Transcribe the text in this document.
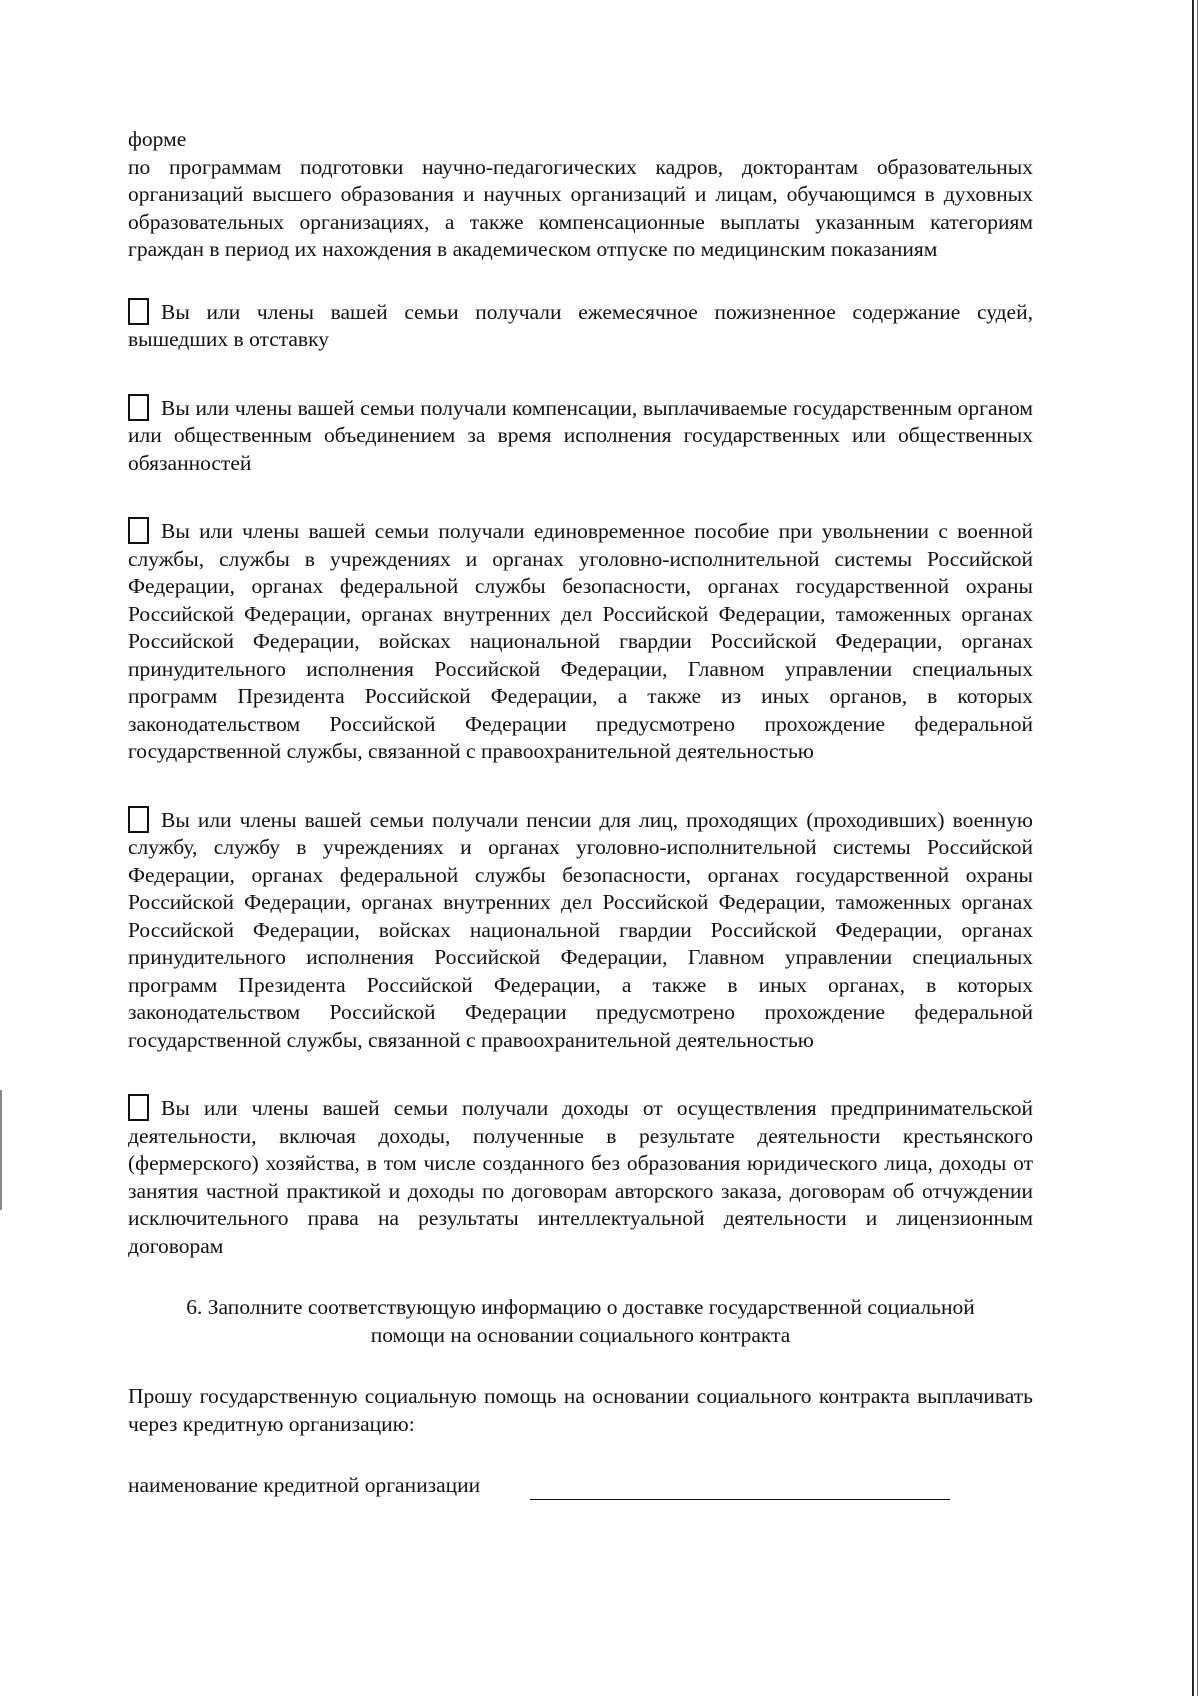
форме

по программам подготовки научно-педагогических кадров, докторантам образовательных организаций высшего образования и научных организаций и лицам, обучающимся в духовных образовательных организациях, а также компенсационные выплаты указанным категориям граждан в период их нахождения в академическом отпуске по медицинским показаниям

Вы или члены вашей семьи получали ежемесячное пожизненное содержание судей, вышедших в отставку

Вы или члены вашей семьи получали компенсации, выплачиваемые государственным органом или общественным объединением за время исполнения государственных или общественных обязанностей

Вы или члены вашей семьи получали единовременное пособие при увольнении с военной службы, службы в учреждениях и органах уголовно-исполнительной системы Российской Федерации, органах федеральной службы безопасности, органах государственной охраны Российской Федерации, органах внутренних дел Российской Федерации, таможенных органах Российской Федерации, войсках национальной гвардии Российской Федерации, органах принудительного исполнения Российской Федерации, Главном управлении специальных программ Президента Российской Федерации, а также из иных органов, в которых законодательством Российской Федерации предусмотрено прохождение федеральной государственной службы, связанной с правоохранительной деятельностью

Вы или члены вашей семьи получали пенсии для лиц, проходящих (проходивших) военную службу, службу в учреждениях и органах уголовно-исполнительной системы Российской Федерации, органах федеральной службы безопасности, органах государственной охраны Российской Федерации, органах внутренних дел Российской Федерации, таможенных органах Российской Федерации, войсках национальной гвардии Российской Федерации, органах принудительного исполнения Российской Федерации, Главном управлении специальных программ Президента Российской Федерации, а также в иных органах, в которых законодательством Российской Федерации предусмотрено прохождение федеральной государственной службы, связанной с правоохранительной деятельностью

Вы или члены вашей семьи получали доходы от осуществления предпринимательской деятельности, включая доходы, полученные в результате деятельности крестьянского (фермерского) хозяйства, в том числе созданного без образования юридического лица, доходы от занятия частной практикой и доходы по договорам авторского заказа, договорам об отчуждении исключительного права на результаты интеллектуальной деятельности и лицензионным договорам

6. Заполните соответствующую информацию о доставке государственной социальной
помощи на основании социального контракта

Прошу государственную социальную помощь на основании социального контракта выплачивать через кредитную организацию:

наименование кредитной организации
